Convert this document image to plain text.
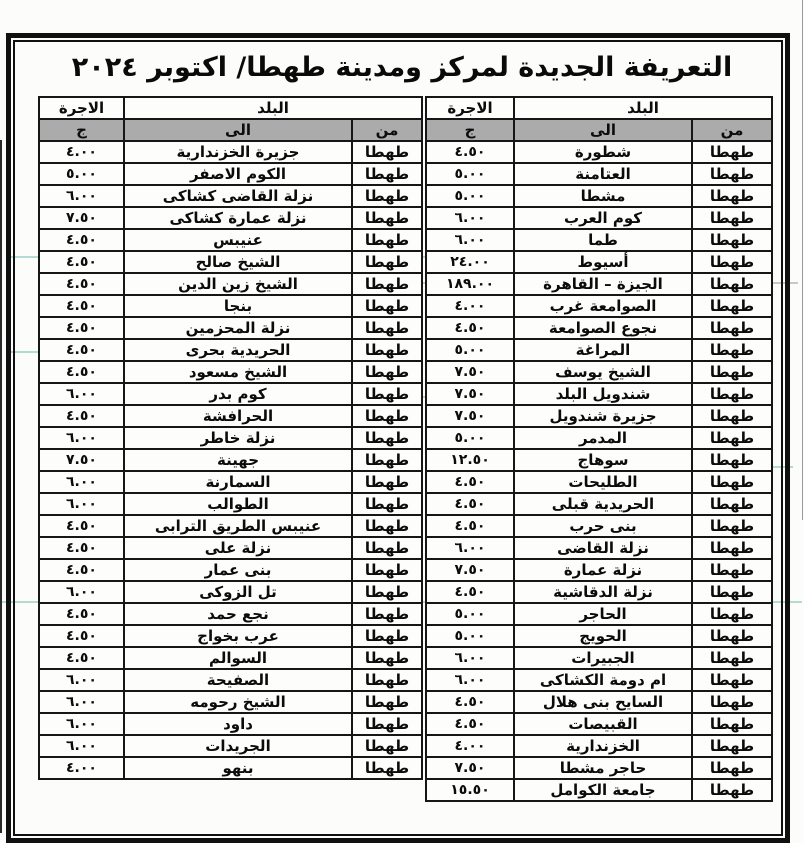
التعريفة الجديدة لمركز ومدينة طهطا/ اكتوبر ٢٠٢٤
البلد		الاجرة
من	الى	ج
طهطا	شطورة	٤.٥٠
طهطا	العتامنة	٥.٠٠
طهطا	مشطا	٥.٠٠
طهطا	كوم العرب	٦.٠٠
طهطا	طما	٦.٠٠
طهطا	أسيوط	٢٤.٠٠
طهطا	الجيزة – القاهرة	١٨٩.٠٠
طهطا	الصوامعة غرب	٤.٠٠
طهطا	نجوع الصوامعة	٤.٥٠
طهطا	المراغة	٥.٠٠
طهطا	الشيخ يوسف	٧.٥٠
طهطا	شندويل البلد	٧.٥٠
طهطا	جزيرة شندويل	٧.٥٠
طهطا	المدمر	٥.٠٠
طهطا	سوهاج	١٢.٥٠
طهطا	الطليحات	٤.٥٠
طهطا	الحريدية قبلى	٤.٥٠
طهطا	بنى حرب	٤.٥٠
طهطا	نزلة القاضى	٦.٠٠
طهطا	نزلة عمارة	٧.٥٠
طهطا	نزلة الدقاشية	٤.٥٠
طهطا	الحاجر	٥.٠٠
طهطا	الحويج	٥.٠٠
طهطا	الجبيرات	٦.٠٠
طهطا	ام دومة الكشاكى	٦.٠٠
طهطا	السايح بنى هلال	٤.٥٠
طهطا	القبيصات	٤.٥٠
طهطا	الخزندارية	٤.٠٠
طهطا	حاجر مشطا	٧.٥٠
طهطا	جامعة الكوامل	١٥.٥٠
البلد		الاجرة
من	الى	ج
طهطا	جزيرة الخزندارية	٤.٠٠
طهطا	الكوم الاصفر	٥.٠٠
طهطا	نزلة القاضى كشاكى	٦.٠٠
طهطا	نزلة عمارة كشاكى	٧.٥٠
طهطا	عنيبس	٤.٥٠
طهطا	الشيخ صالح	٤.٥٠
طهطا	الشيخ زين الدين	٤.٥٠
طهطا	بنجا	٤.٥٠
طهطا	نزلة المحزمين	٤.٥٠
طهطا	الحريدية بحرى	٤.٥٠
طهطا	الشيخ مسعود	٤.٥٠
طهطا	كوم بدر	٦.٠٠
طهطا	الحرافشة	٤.٥٠
طهطا	نزلة خاطر	٦.٠٠
طهطا	جهينة	٧.٥٠
طهطا	السمارنة	٦.٠٠
طهطا	الطوالب	٦.٠٠
طهطا	عنيبس الطريق الترابى	٤.٥٠
طهطا	نزلة على	٤.٥٠
طهطا	بنى عمار	٤.٥٠
طهطا	تل الزوكى	٦.٠٠
طهطا	نجع حمد	٤.٥٠
طهطا	عرب بخواج	٤.٥٠
طهطا	السوالم	٤.٥٠
طهطا	الصفيحة	٦.٠٠
طهطا	الشيخ رحومه	٦.٠٠
طهطا	داود	٦.٠٠
طهطا	الجريدات	٦.٠٠
طهطا	بنهو	٤.٠٠
